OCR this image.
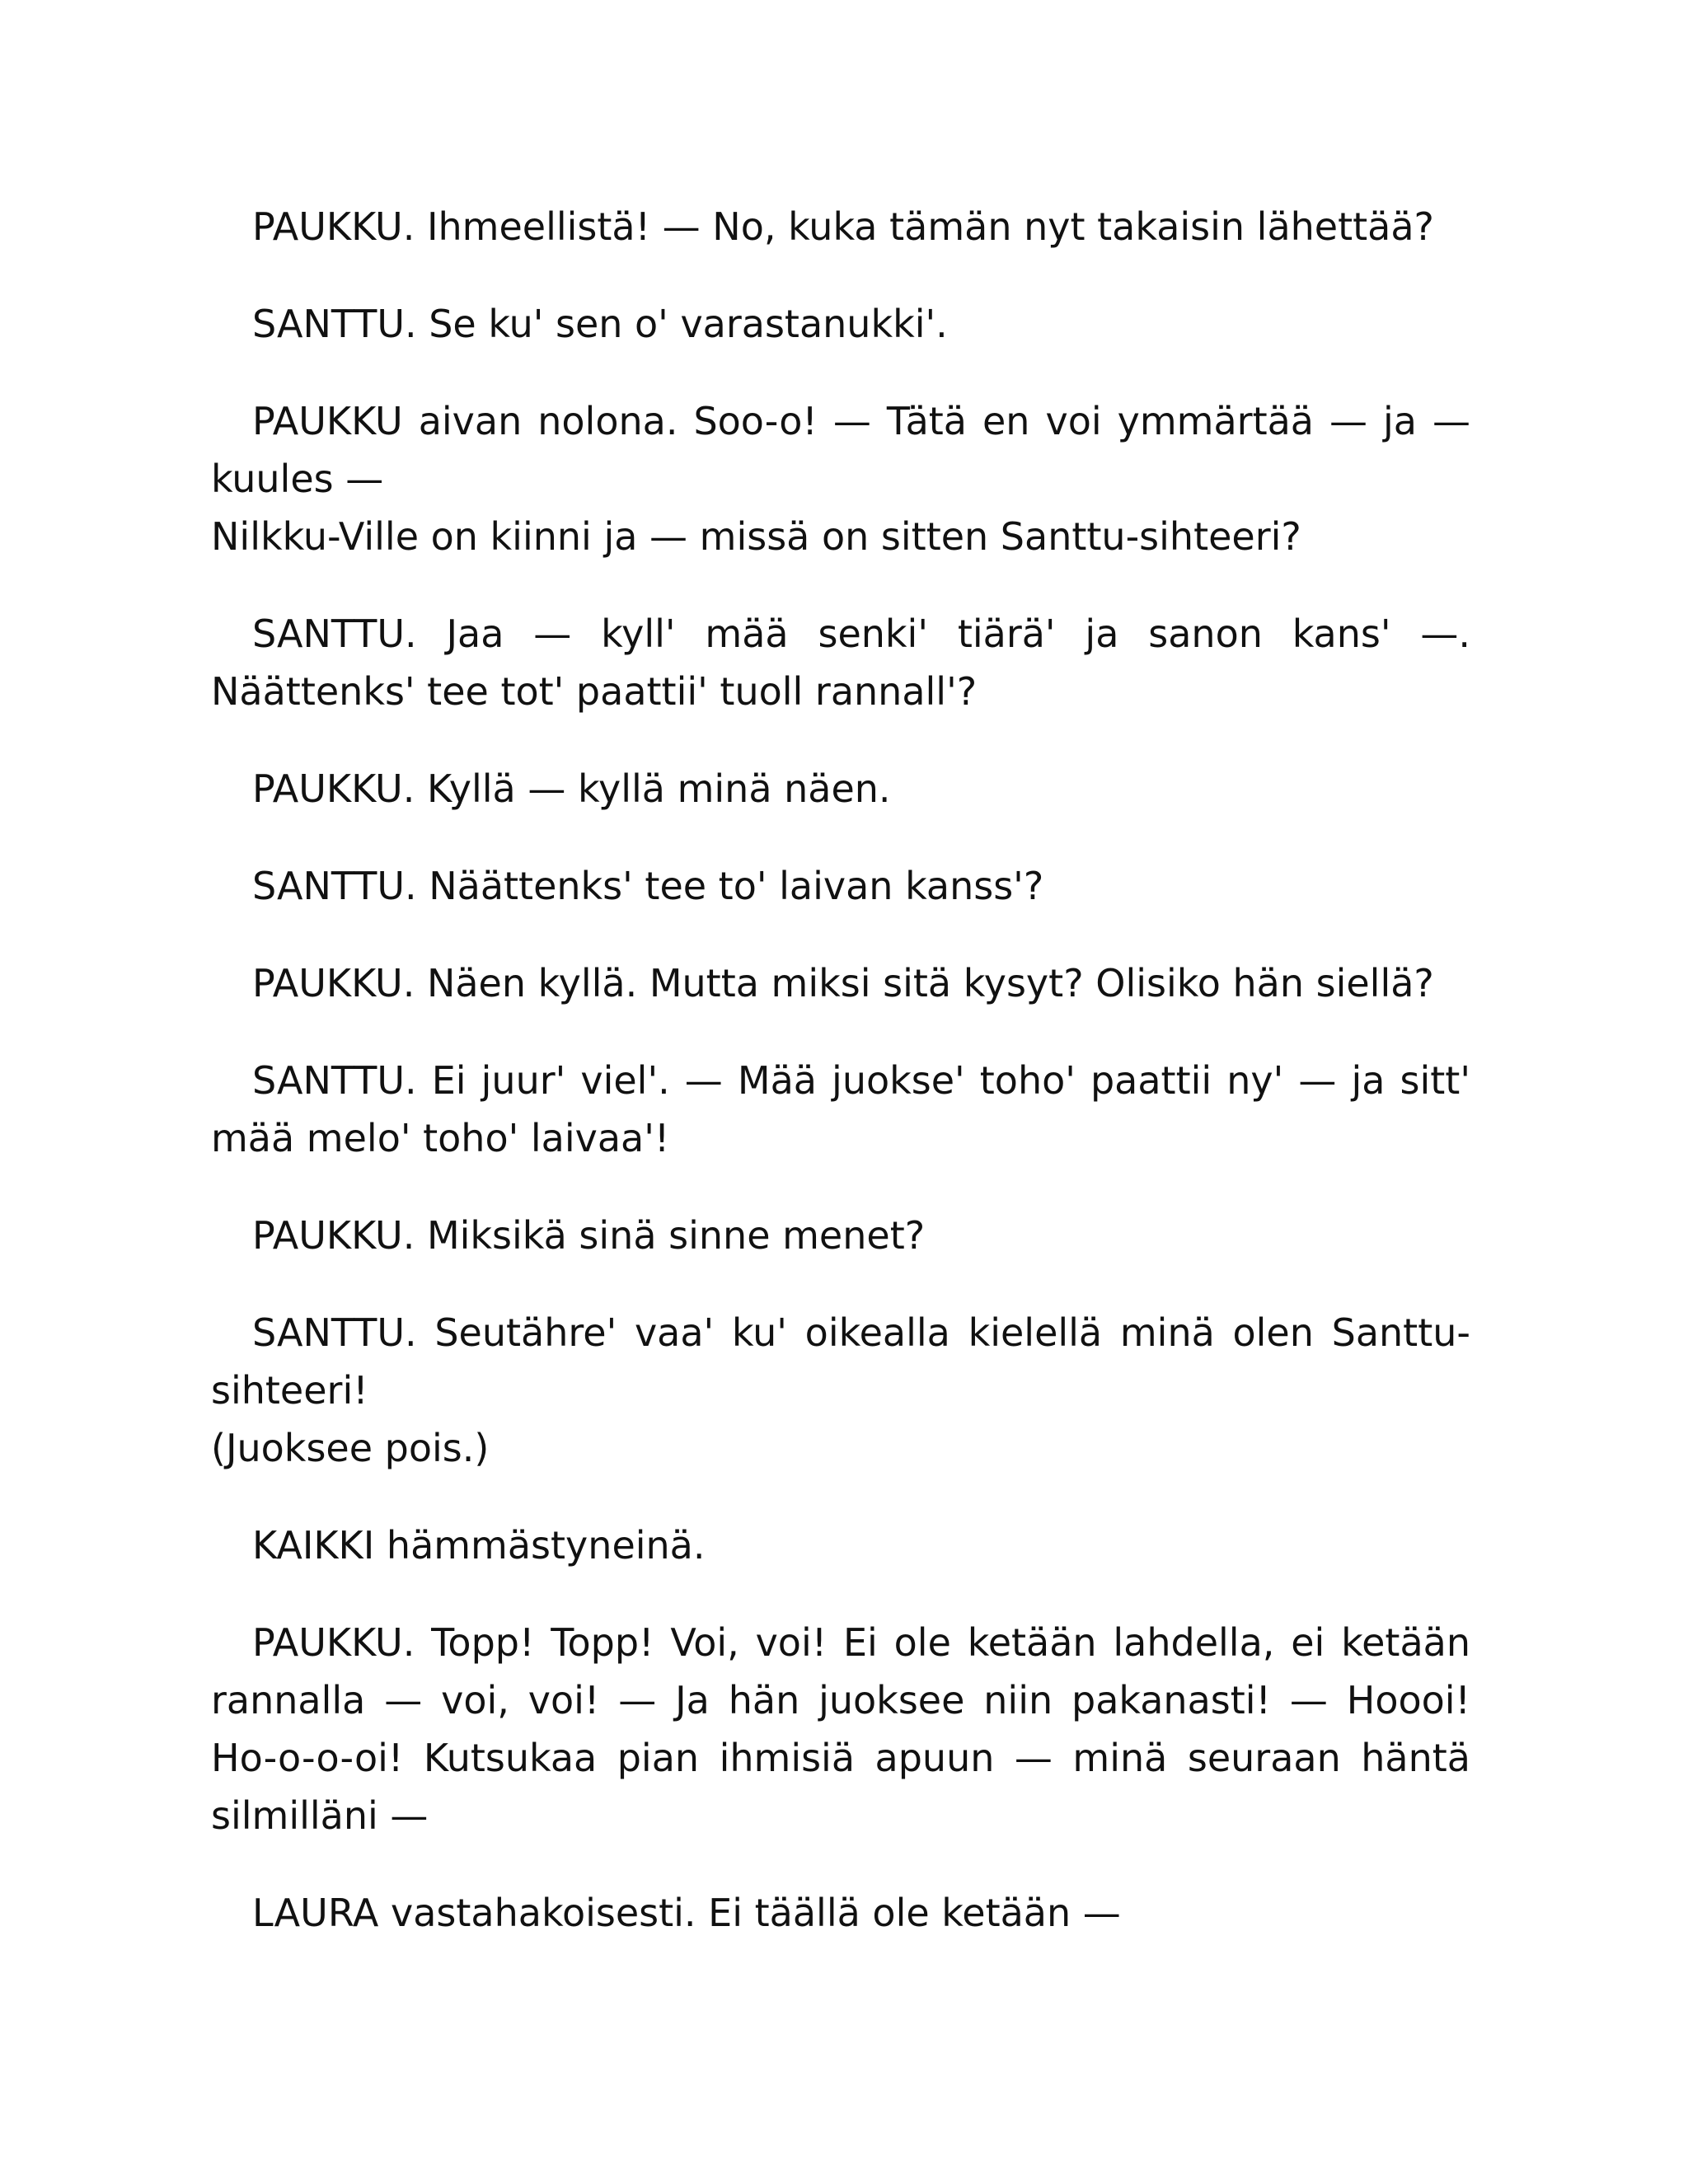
PAUKKU. Ihmeellistä! — No, kuka tämän nyt takaisin lähettää?

SANTTU. Se ku' sen o' varastanukki'.

PAUKKU aivan nolona. Soo-o! — Tätä en voi ymmärtää — ja — kuules —
Nilkku-Ville on kiinni ja — missä on sitten Santtu-sihteeri?

SANTTU. Jaa — kyll' mää senki' tiärä' ja sanon kans' —. Näättenks' tee tot' paattii' tuoll rannall'?

PAUKKU. Kyllä — kyllä minä näen.

SANTTU. Näättenks' tee to' laivan kanss'?

PAUKKU. Näen kyllä. Mutta miksi sitä kysyt? Olisiko hän siellä?

SANTTU. Ei juur' viel'. — Mää juokse' toho' paattii ny' — ja sitt' mää melo' toho' laivaa'!

PAUKKU. Miksikä sinä sinne menet?

SANTTU. Seutähre' vaa' ku' oikealla kielellä minä olen Santtu-sihteeri!
(Juoksee pois.)

KAIKKI hämmästyneinä.

PAUKKU. Topp! Topp! Voi, voi! Ei ole ketään lahdella, ei ketään rannalla — voi, voi! — Ja hän juoksee niin pakanasti! — Hoooi! Ho-o-o-oi! Kutsukaa pian ihmisiä apuun — minä seuraan häntä silmilläni —

LAURA vastahakoisesti. Ei täällä ole ketään —
